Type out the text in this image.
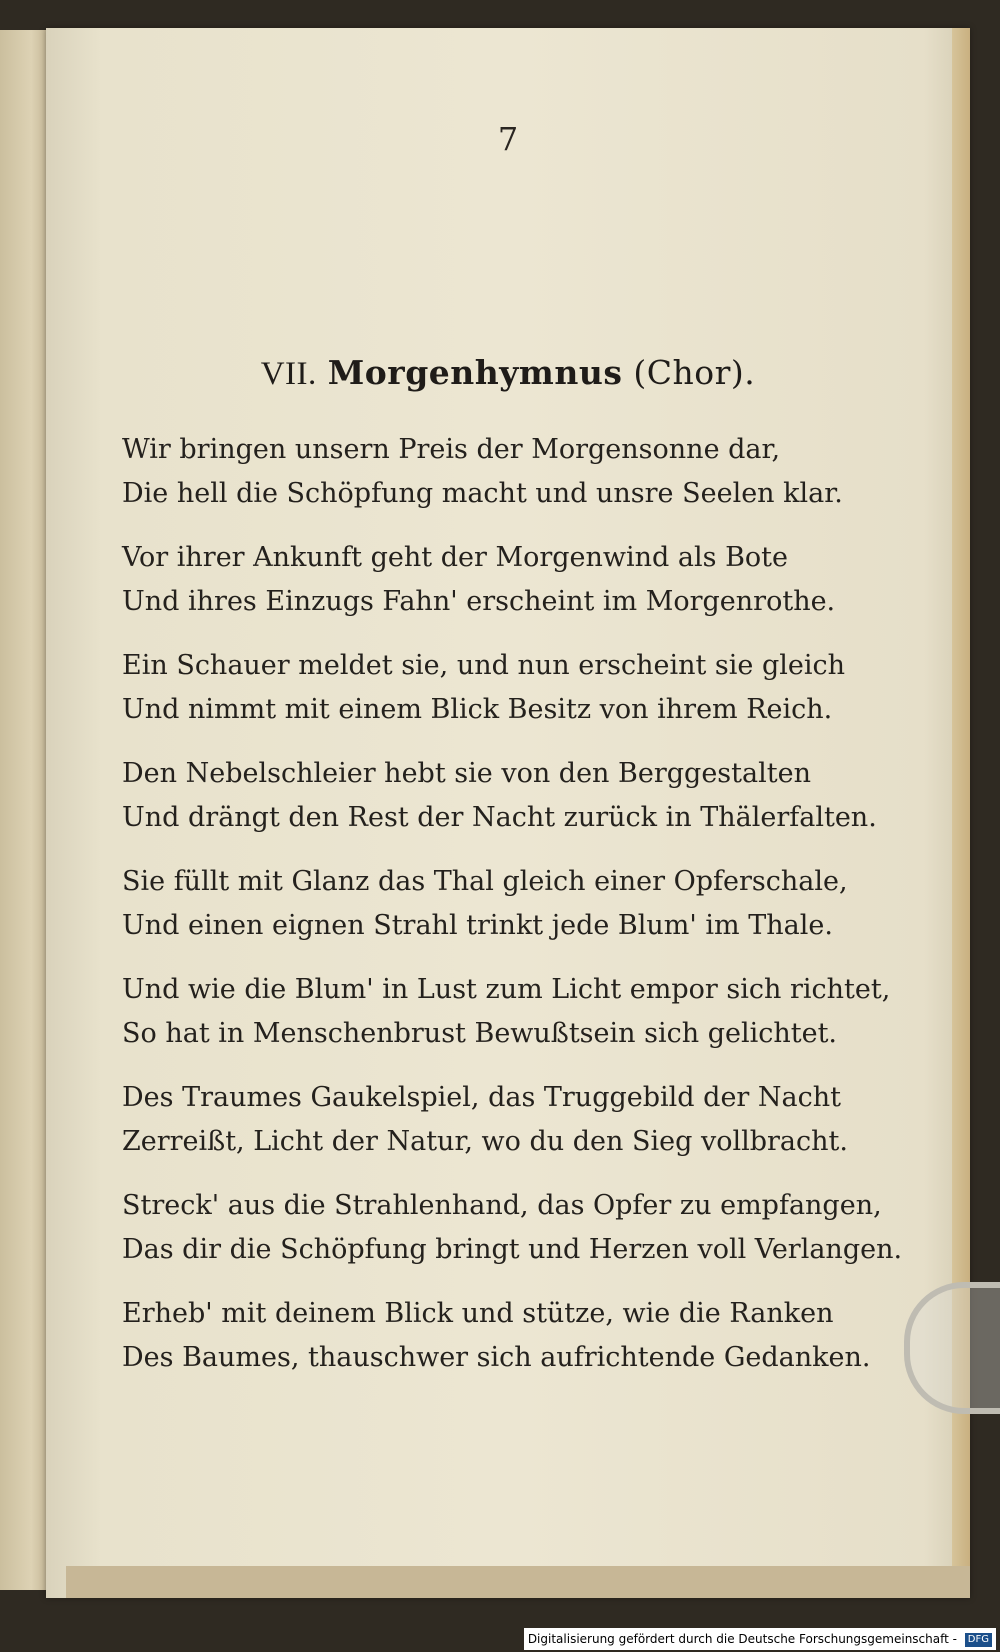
7
VII. Morgenhymnus (Chor).
Wir bringen unsern Preis der Morgensonne dar,
Die hell die Schöpfung macht und unsre Seelen klar.
Vor ihrer Ankunft geht der Morgenwind als Bote
Und ihres Einzugs Fahn' erscheint im Morgenrothe.
Ein Schauer meldet sie, und nun erscheint sie gleich
Und nimmt mit einem Blick Besitz von ihrem Reich.
Den Nebelschleier hebt sie von den Berggestalten
Und drängt den Rest der Nacht zurück in Thälerfalten.
Sie füllt mit Glanz das Thal gleich einer Opferschale,
Und einen eignen Strahl trinkt jede Blum' im Thale.
Und wie die Blum' in Lust zum Licht empor sich richtet,
So hat in Menschenbrust Bewußtsein sich gelichtet.
Des Traumes Gaukelspiel, das Truggebild der Nacht
Zerreißt, Licht der Natur, wo du den Sieg vollbracht.
Streck' aus die Strahlenhand, das Opfer zu empfangen,
Das dir die Schöpfung bringt und Herzen voll Verlangen.
Erheb' mit deinem Blick und stütze, wie die Ranken
Des Baumes, thauschwer sich aufrichtende Gedanken.
Digitalisierung gefördert durch die Deutsche Forschungsgemeinschaft - DFG
